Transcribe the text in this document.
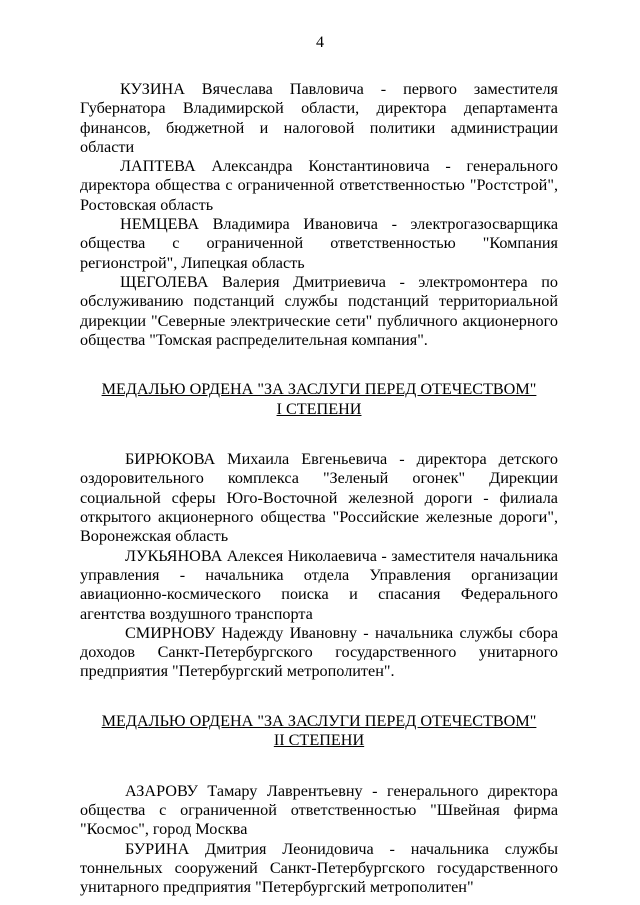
4

КУЗИНА Вячеслава Павловича - первого заместителя Губернатора Владимирской области, директора департамента финансов, бюджетной и налоговой политики администрации области

ЛАПТЕВА Александра Константиновича - генерального директора общества с ограниченной ответственностью "Ростстрой", Ростовская область

НЕМЦЕВА Владимира Ивановича - электрогазосварщика общества с ограниченной ответственностью "Компания регионстрой", Липецкая область

ЩЕГОЛЕВА Валерия Дмитриевича - электромонтера по обслуживанию подстанций службы подстанций территориальной дирекции "Северные электрические сети" публичного акционерного общества "Томская распределительная компания".

МЕДАЛЬЮ ОРДЕНА "ЗА ЗАСЛУГИ ПЕРЕД ОТЕЧЕСТВОМ"

I СТЕПЕНИ

БИРЮКОВА Михаила Евгеньевича - директора детского оздоровительного комплекса "Зеленый огонек" Дирекции социальной сферы Юго-Восточной железной дороги - филиала открытого акционерного общества "Российские железные дороги", Воронежская область

ЛУКЬЯНОВА Алексея Николаевича - заместителя начальника управления - начальника отдела Управления организации авиационно-космического поиска и спасания Федерального агентства воздушного транспорта

СМИРНОВУ Надежду Ивановну - начальника службы сбора доходов Санкт-Петербургского государственного унитарного предприятия "Петербургский метрополитен".

МЕДАЛЬЮ ОРДЕНА "ЗА ЗАСЛУГИ ПЕРЕД ОТЕЧЕСТВОМ"

II СТЕПЕНИ

АЗАРОВУ Тамару Лаврентьевну - генерального директора общества с ограниченной ответственностью "Швейная фирма "Космос", город Москва

БУРИНА Дмитрия Леонидовича - начальника службы тоннельных сооружений Санкт-Петербургского государственного унитарного предприятия "Петербургский метрополитен"
